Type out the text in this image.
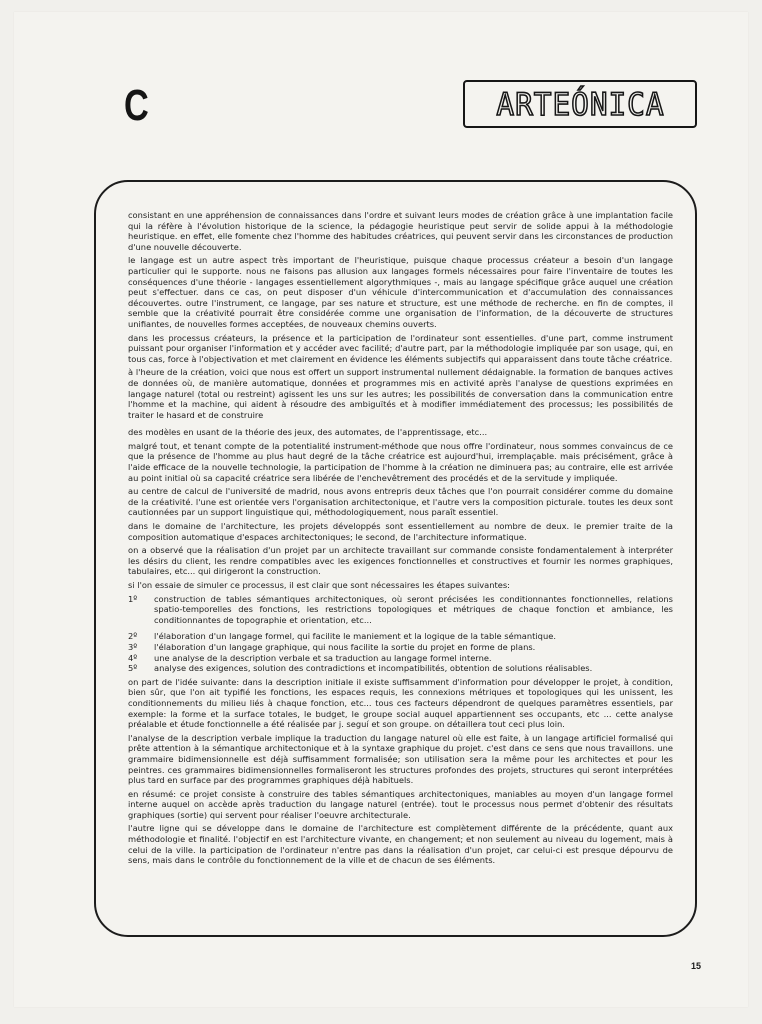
C	ARTEÓNICA

consistant en une appréhension de connaissances dans l'ordre et suivant leurs modes de création grâce à une implantation facile qui la réfère à l'évolution historique de la science, la pédagogie heuristique peut servir de solide appui à la méthodologie heuristique. en effet, elle fomente chez l'homme des habitudes créatrices, qui peuvent servir dans les circonstances de production d'une nouvelle découverte.

le langage est un autre aspect très important de l'heuristique, puisque chaque processus créateur a besoin d'un langage particulier qui le supporte. nous ne faisons pas allusion aux langages formels nécessaires pour faire l'inventaire de toutes les conséquences d'une théorie - langages essentiellement algorythmiques -, mais au langage spécifique grâce auquel une création peut s'effectuer. dans ce cas, on peut disposer d'un véhicule d'intercommunication et d'accumulation des connaissances découvertes. outre l'instrument, ce langage, par ses nature et structure, est une méthode de recherche. en fin de comptes, il semble que la créativité pourrait être considérée comme une organisation de l'information, de la découverte de structures unifiantes, de nouvelles formes acceptées, de nouveaux chemins ouverts.

dans les processus créateurs, la présence et la participation de l'ordinateur sont essentielles. d'une part, comme instrument puissant pour organiser l'information et y accéder avec facilité; d'autre part, par la méthodologie impliquée par son usage, qui, en tous cas, force à l'objectivation et met clairement en évidence les éléments subjectifs qui apparaissent dans toute tâche créatrice.

à l'heure de la création, voici que nous est offert un support instrumental nullement dédaignable. la formation de banques actives de données où, de manière automatique, données et programmes mis en activité après l'analyse de questions exprimées en langage naturel (total ou restreint) agissent les uns sur les autres; les possibilités de conversation dans la communication entre l'homme et la machine, qui aident à résoudre des ambiguïtés et à modifier immédiatement des processus; les possibilités de traiter le hasard et de construire

des modèles en usant de la théorie des jeux, des automates, de l'apprentissage, etc...

malgré tout, et tenant compte de la potentialité instrument-méthode que nous offre l'ordinateur, nous sommes convaincus de ce que la présence de l'homme au plus haut degré de la tâche créatrice est aujourd'hui, irremplaçable. mais précisément, grâce à l'aide efficace de la nouvelle technologie, la participation de l'homme à la création ne diminuera pas; au contraire, elle est arrivée au point initial où sa capacité créatrice sera libérée de l'enchevêtrement des procédés et de la servitude y impliquée.

au centre de calcul de l'université de madrid, nous avons entrepris deux tâches que l'on pourrait considérer comme du domaine de la créativité. l'une est orientée vers l'organisation architectonique, et l'autre vers la composition picturale. toutes les deux sont cautionnées par un support linguistique qui, méthodologiquement, nous paraît essentiel.

dans le domaine de l'architecture, les projets développés sont essentiellement au nombre de deux. le premier traite de la composition automatique d'espaces architectoniques; le second, de l'architecture informatique.

on a observé que la réalisation d'un projet par un architecte travaillant sur commande consiste fondamentalement à interpréter les désirs du client, les rendre compatibles avec les exigences fonctionnelles et constructives et fournir les normes graphiques, tabulaires, etc... qui dirigeront la construction.

si l'on essaie de simuler ce processus, il est clair que sont nécessaires les étapes suivantes:

1º	construction de tables sémantiques architectoniques, où seront précisées les conditionnantes fonctionnelles, relations spatio-temporelles des fonctions, les restrictions topologiques et métriques de chaque fonction et ambiance, les conditionnantes de topographie et orientation, etc...
2º	l'élaboration d'un langage formel, qui facilite le maniement et la logique de la table sémantique.
3º	l'élaboration d'un langage graphique, qui nous facilite la sortie du projet en forme de plans.
4º	une analyse de la description verbale et sa traduction au langage formel interne.
5º	analyse des exigences, solution des contradictions et incompatibilités, obtention de solutions réalisables.

on part de l'idée suivante: dans la description initiale il existe suffisamment d'information pour développer le projet, à condition, bien sûr, que l'on ait typifié les fonctions, les espaces requis, les connexions métriques et topologiques qui les unissent, les conditionnements du milieu liés à chaque fonction, etc... tous ces facteurs dépendront de quelques paramètres essentiels, par exemple: la forme et la surface totales, le budget, le groupe social auquel appartiennent ses occupants, etc ... cette analyse préalable et étude fonctionnelle a été réalisée par j. seguí et son groupe. on détaillera tout ceci plus loin.

l'analyse de la description verbale implique la traduction du langage naturel où elle est faite, à un langage artificiel formalisé qui prête attention à la sémantique architectonique et à la syntaxe graphique du projet. c'est dans ce sens que nous travaillons. une grammaire bidimensionnelle est déjà suffisamment formalisée; son utilisation sera la même pour les architectes et pour les peintres. ces grammaires bidimensionnelles formaliseront les structures profondes des projets, structures qui seront interprétées plus tard en surface par des programmes graphiques déjà habituels.

en résumé: ce projet consiste à construire des tables sémantiques architectoniques, maniables au moyen d'un langage formel interne auquel on accède après traduction du langage naturel (entrée). tout le processus nous permet d'obtenir des résultats graphiques (sortie) qui servent pour réaliser l'oeuvre architecturale.

l'autre ligne qui se développe dans le domaine de l'architecture est complètement différente de la précédente, quant aux méthodologie et finalité. l'objectif en est l'architecture vivante, en changement; et non seulement au niveau du logement, mais à celui de la ville. la participation de l'ordinateur n'entre pas dans la réalisation d'un projet, car celui-ci est presque dépourvu de sens, mais dans le contrôle du fonctionnement de la ville et de chacun de ses éléments.

15
